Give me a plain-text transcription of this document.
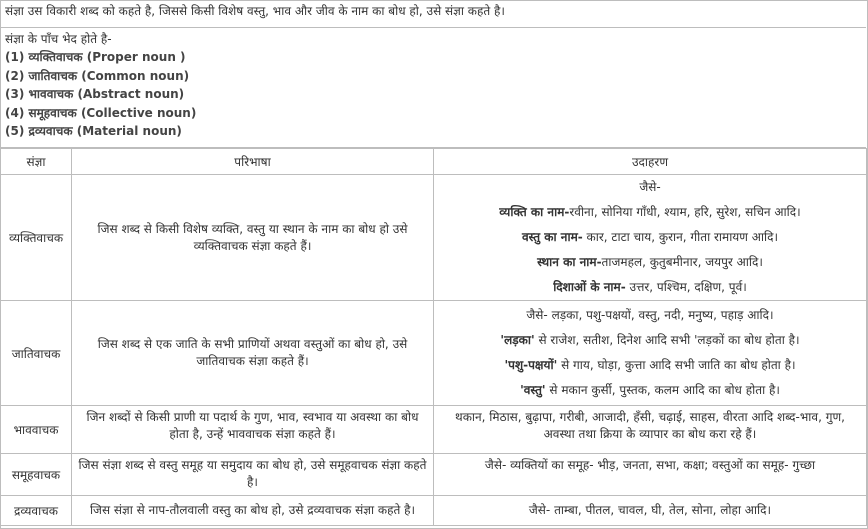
संज्ञा उस विकारी शब्द को कहते है, जिससे किसी विशेष वस्तु, भाव और जीव के नाम का बोध हो, उसे संज्ञा कहते है।
संज्ञा के पाँच भेद होते है-
(1) व्यक्तिवाचक (Proper noun )
(2) जातिवाचक (Common noun)
(3) भाववाचक (Abstract noun)
(4) समूहवाचक (Collective noun)
(5) द्रव्यवाचक (Material noun)
संज्ञा	परिभाषा	उदाहरण
व्यक्तिवाचक	जिस शब्द से किसी विशेष व्यक्ति, वस्तु या स्थान के नाम का बोध हो उसे व्यक्तिवाचक संज्ञा कहते हैं।	जैसे-
व्यक्ति का नाम-रवीना, सोनिया गाँधी, श्याम, हरि, सुरेश, सचिन आदि।
वस्तु का नाम- कार, टाटा चाय, कुरान, गीता रामायण आदि।
स्थान का नाम-ताजमहल, कुतुबमीनार, जयपुर आदि।
दिशाओं के नाम- उत्तर, पश्चिम, दक्षिण, पूर्व।

जातिवाचक	जिस शब्द से एक जाति के सभी प्राणियों अथवा वस्तुओं का बोध हो, उसे जातिवाचक संज्ञा कहते हैं।	जैसे- लड़का, पशु-पक्षयों, वस्तु, नदी, मनुष्य, पहाड़ आदि।
'लड़का' से राजेश, सतीश, दिनेश आदि सभी 'लड़कों का बोध होता है।
'पशु-पक्षयों' से गाय, घोड़ा, कुत्ता आदि सभी जाति का बोध होता है।
'वस्तु' से मकान कुर्सी, पुस्तक, कलम आदि का बोध होता है।

भाववाचक	जिन शब्दों से किसी प्राणी या पदार्थ के गुण, भाव, स्वभाव या अवस्था का बोध होता है, उन्हें भाववाचक संज्ञा कहते हैं।	थकान, मिठास, बुढ़ापा, गरीबी, आजादी, हँसी, चढ़ाई, साहस, वीरता आदि शब्द-भाव, गुण, अवस्था तथा क्रिया के व्यापार का बोध करा रहे हैं।
समूहवाचक	जिस संज्ञा शब्द से वस्तु समूह या समुदाय का बोध हो, उसे समूहवाचक संज्ञा कहते है।	जैसे- व्यक्तियों का समूह- भीड़, जनता, सभा, कक्षा; वस्तुओं का समूह- गुच्छा
द्रव्यवाचक	जिस संज्ञा से नाप-तौलवाली वस्तु का बोध हो, उसे द्रव्यवाचक संज्ञा कहते है।	जैसे- ताम्बा, पीतल, चावल, घी, तेल, सोना, लोहा आदि।
